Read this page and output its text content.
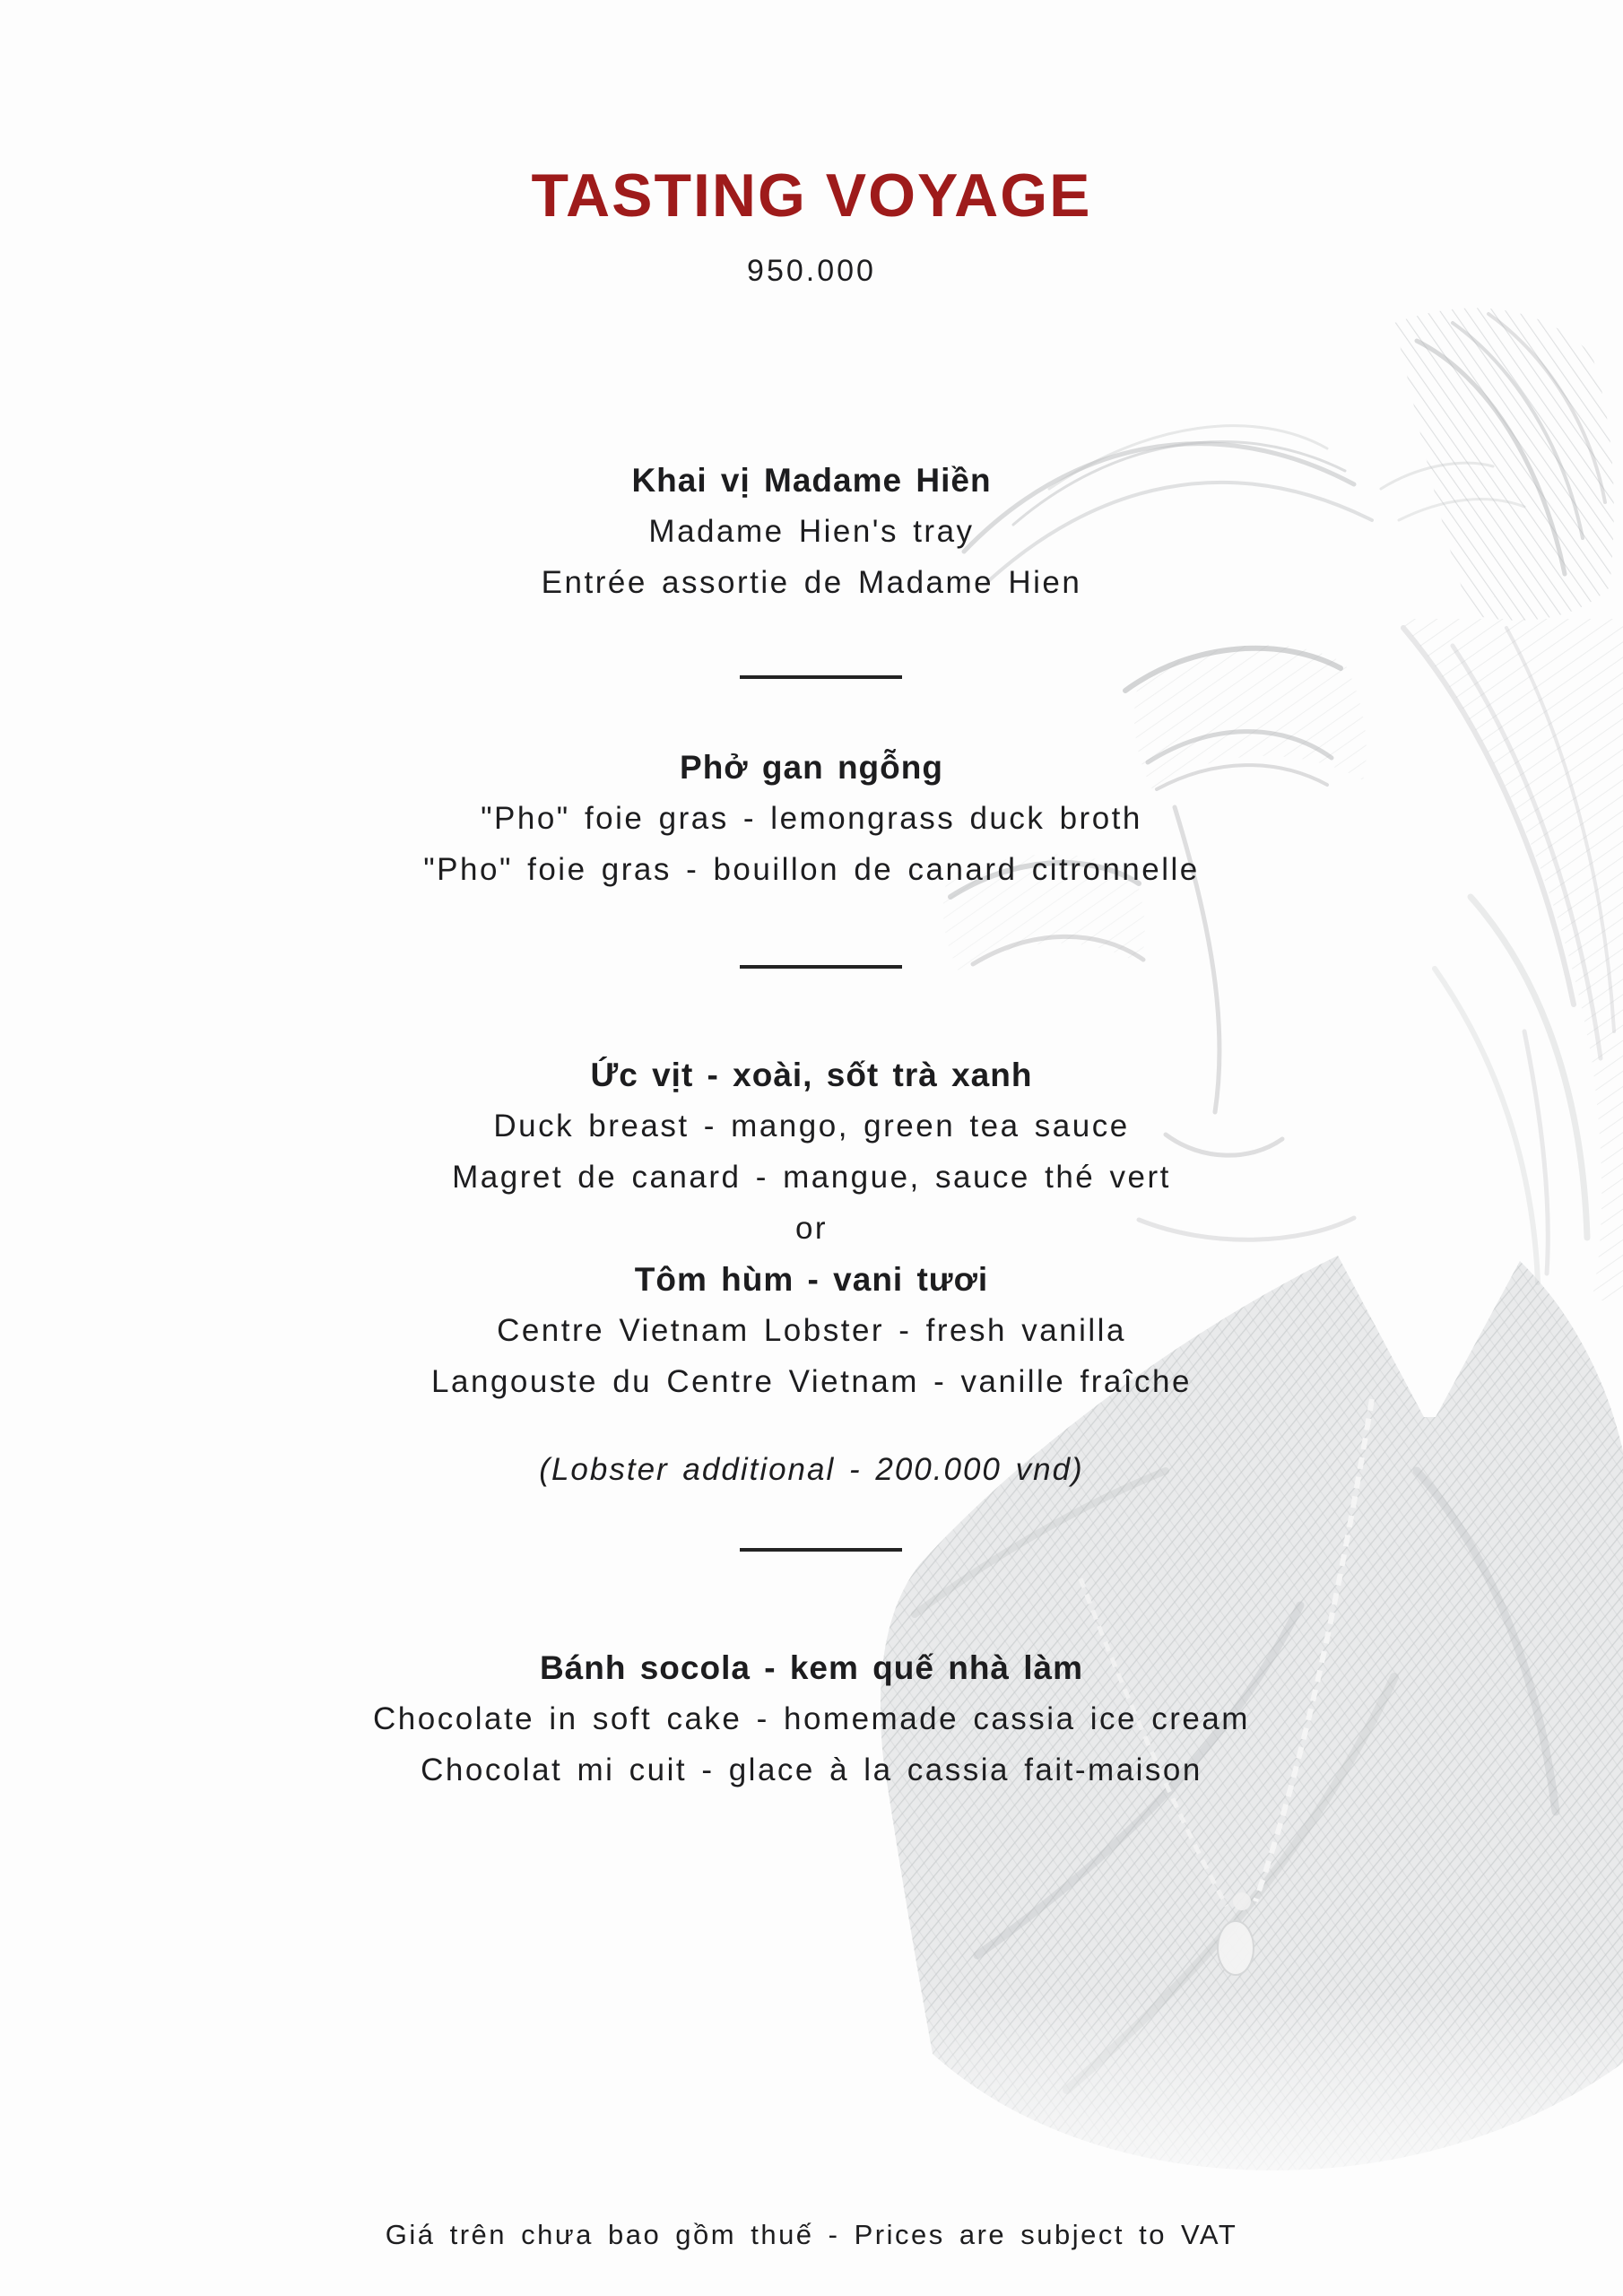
TASTING VOYAGE
950.000
Khai vị Madame Hiền
Madame Hien's tray
Entrée assortie de Madame Hien
Phở gan ngỗng
"Pho" foie gras - lemongrass duck broth
"Pho" foie gras - bouillon de canard citronnelle
Ức vịt - xoài, sốt trà xanh
Duck breast - mango, green tea sauce
Magret de canard - mangue, sauce thé vert
or
Tôm hùm - vani tươi
Centre Vietnam Lobster - fresh vanilla
Langouste du Centre Vietnam - vanille fraîche
(Lobster additional - 200.000 vnd)
Bánh socola - kem quế nhà làm
Chocolate in soft cake - homemade cassia ice cream
Chocolat mi cuit - glace à la cassia fait-maison
Giá trên chưa bao gồm thuế - Prices are subject to VAT
